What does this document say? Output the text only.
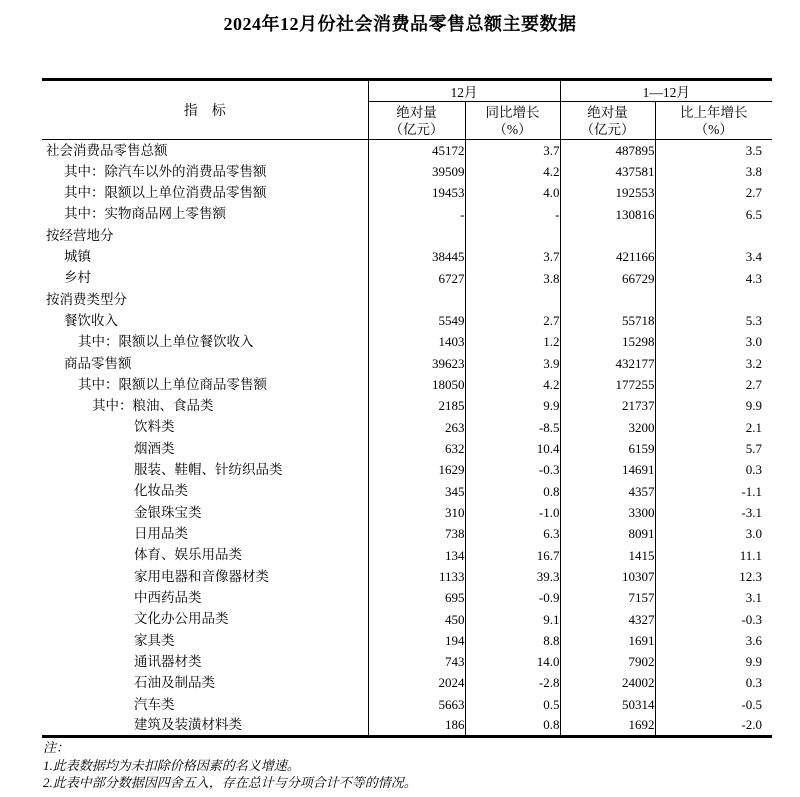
2024年12月份社会消费品零售总额主要数据
指　标	12月		1—12月	

绝对量
（亿元）

同比增长
（%）

绝对量
（亿元）

比上年增长
（%）

社会消费品零售总额	45172	3.7	487895	3.5
其中：除汽车以外的消费品零售额	39509	4.2	437581	3.8
其中：限额以上单位消费品零售额	19453	4.0	192553	2.7
其中：实物商品网上零售额	-	-	130816	6.5
按经营地分				
城镇	38445	3.7	421166	3.4
乡村	6727	3.8	66729	4.3
按消费类型分				
餐饮收入	5549	2.7	55718	5.3
其中：限额以上单位餐饮收入	1403	1.2	15298	3.0
商品零售额	39623	3.9	432177	3.2
其中：限额以上单位商品零售额	18050	4.2	177255	2.7
其中：粮油、食品类	2185	9.9	21737	9.9
饮料类	263	-8.5	3200	2.1
烟酒类	632	10.4	6159	5.7
服装、鞋帽、针纺织品类	1629	-0.3	14691	0.3
化妆品类	345	0.8	4357	-1.1
金银珠宝类	310	-1.0	3300	-3.1
日用品类	738	6.3	8091	3.0
体育、娱乐用品类	134	16.7	1415	11.1
家用电器和音像器材类	1133	39.3	10307	12.3
中西药品类	695	-0.9	7157	3.1
文化办公用品类	450	9.1	4327	-0.3
家具类	194	8.8	1691	3.6
通讯器材类	743	14.0	7902	9.9
石油及制品类	2024	-2.8	24002	0.3
汽车类	5663	0.5	50314	-0.5
建筑及装潢材料类	186	0.8	1692	-2.0
注：
1.此表数据均为未扣除价格因素的名义增速。
2.此表中部分数据因四舍五入，存在总计与分项合计不等的情况。
